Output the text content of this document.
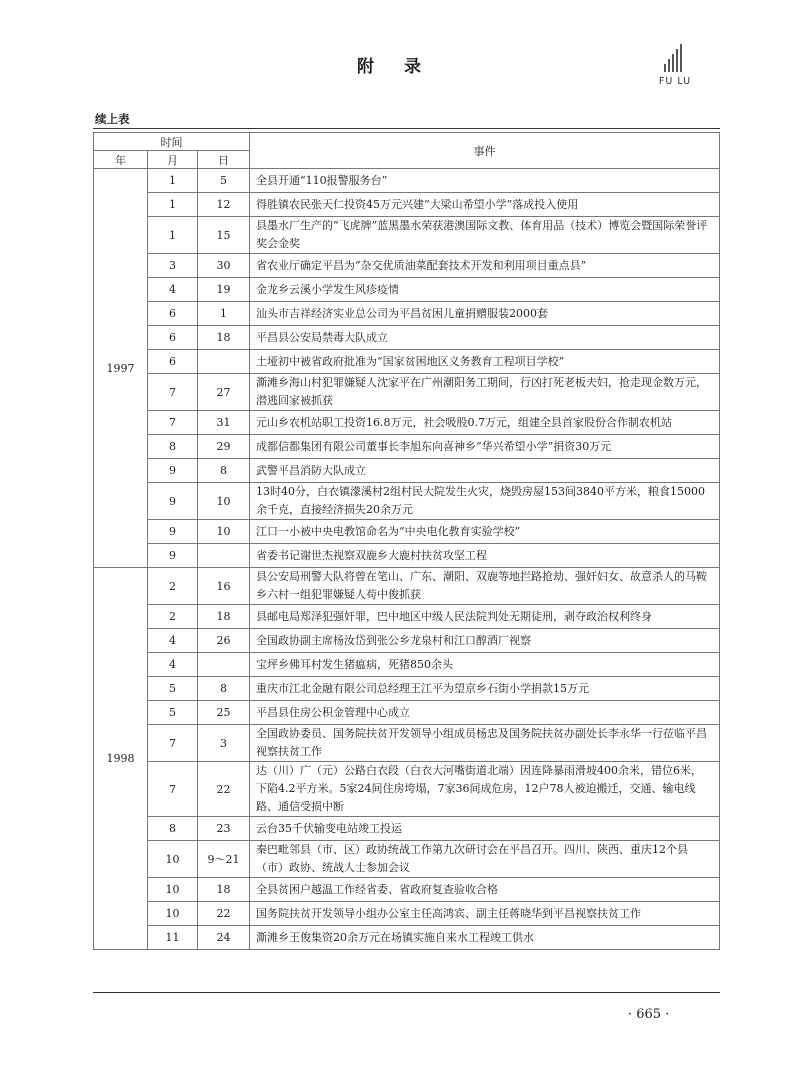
附 录
FU LU
续上表
时间			事件
年	月	日	
1997	1	5	全县开通“110报警服务台”
	1	12	得胜镇农民张天仁投资45万元兴建“大梁山希望小学”落成投入使用
	1	15	县墨水厂生产的“飞虎牌”蓝黑墨水荣获港澳国际文教、体育用品（技术）博览会暨国际荣誉评奖会金奖
	3	30	省农业厅确定平昌为“杂交优质油菜配套技术开发和利用项目重点县”
	4	19	金龙乡云溪小学发生风疹疫情
	6	1	汕头市吉祥经济实业总公司为平昌贫困儿童捐赠服装2000套
	6	18	平昌县公安局禁毒大队成立
	6		土垭初中被省政府批准为“国家贫困地区义务教育工程项目学校”
	7	27	澌滩乡海山村犯罪嫌疑人沈家平在广州潮阳务工期间，行凶打死老板夫妇，抢走现金数万元，潜逃回家被抓获
	7	31	元山乡农机站职工投资16.8万元，社会吸股0.7万元，组建全县首家股份合作制农机站
	8	29	成都信都集团有限公司董事长李旭东向喜神乡“华兴希望小学”捐资30万元
	9	8	武警平昌消防大队成立
	9	10	13时40分，白衣镇濛溪村2组村民大院发生火灾，烧毁房屋153间3840平方米，粮食15000余千克，直接经济损失20余万元
	9	10	江口一小被中央电教馆命名为“中央电化教育实验学校”
	9		省委书记谢世杰视察双鹿乡大鹿村扶贫攻坚工程
1998	2	16	县公安局刑警大队将曾在笔山、广东、潮阳、双鹿等地拦路抢劫、强奸妇女、故意杀人的马鞍乡六村一组犯罪嫌疑人苟中俊抓获
	2	18	县邮电局郑泽犯强奸罪，巴中地区中级人民法院判处无期徒刑，剥夺政治权利终身
	4	26	全国政协副主席杨汝岱到张公乡龙泉村和江口醇酒厂视察
	4		宝坪乡佛耳村发生猪瘟病，死猪850余头
	5	8	重庆市江北金融有限公司总经理王江平为望京乡石街小学捐款15万元
	5	25	平昌县住房公积金管理中心成立
	7	3	全国政协委员、国务院扶贫开发领导小组成员杨忠及国务院扶贫办副处长李永华一行莅临平昌视察扶贫工作
	7	22	达（川）广（元）公路白衣段（白衣大河嘴街道北端）因连降暴雨滑坡400余米，错位6米，下陷4.2平方米。5家24间住房垮塌，7家36间成危房，12户78人被迫搬迁，交通、输电线路、通信受损中断
	8	23	云台35千伏输变电站竣工投运
	10	9～21	秦巴毗邻县（市、区）政协统战工作第九次研讨会在平昌召开。四川、陕西、重庆12个县（市）政协、统战人士参加会议
	10	18	全县贫困户越温工作经省委、省政府复查验收合格
	10	22	国务院扶贫开发领导小组办公室主任高鸿宾、副主任蒋晓华到平昌视察扶贫工作
	11	24	澌滩乡王俊集资20余万元在场镇实施自来水工程竣工供水
· 665 ·
